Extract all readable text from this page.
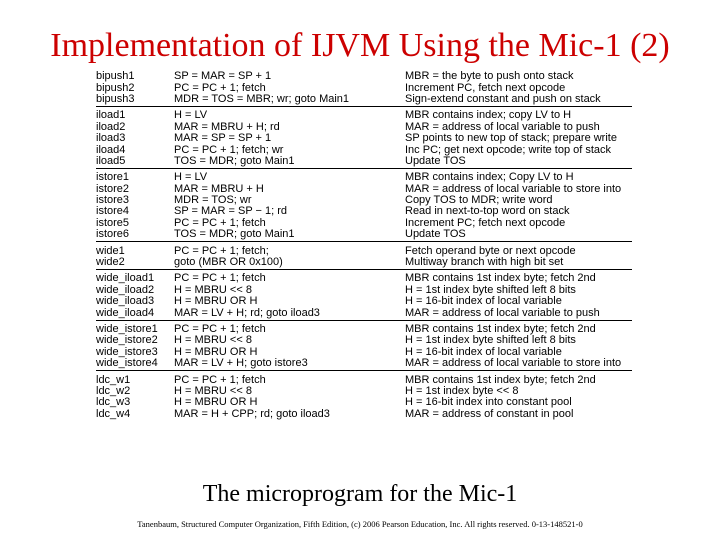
Implementation of IJVM Using the Mic-1 (2)
bipush1	SP = MAR = SP + 1	MBR = the byte to push onto stack
bipush2	PC = PC + 1; fetch	Increment PC, fetch next opcode
bipush3	MDR = TOS = MBR; wr; goto Main1	Sign-extend constant and push on stack
iload1	H = LV	MBR contains index; copy LV to H
iload2	MAR = MBRU + H; rd	MAR = address of local variable to push
iload3	MAR = SP = SP + 1	SP points to new top of stack; prepare write
iload4	PC = PC + 1; fetch; wr	Inc PC; get next opcode; write top of stack
iload5	TOS = MDR; goto Main1	Update TOS
istore1	H = LV	MBR contains index; Copy LV to H
istore2	MAR = MBRU + H	MAR = address of local variable to store into
istore3	MDR = TOS; wr	Copy TOS to MDR; write word
istore4	SP = MAR = SP − 1; rd	Read in next-to-top word on stack
istore5	PC = PC + 1; fetch	Increment PC; fetch next opcode
istore6	TOS = MDR; goto Main1	Update TOS
wide1	PC = PC + 1; fetch;	Fetch operand byte or next opcode
wide2	goto (MBR OR 0x100)	Multiway branch with high bit set
wide_iload1	PC = PC + 1; fetch	MBR contains 1st index byte; fetch 2nd
wide_iload2	H = MBRU << 8	H = 1st index byte shifted left 8 bits
wide_iload3	H = MBRU OR H	H = 16-bit index of local variable
wide_iload4	MAR = LV + H; rd; goto iload3	MAR = address of local variable to push
wide_istore1	PC = PC + 1; fetch	MBR contains 1st index byte; fetch 2nd
wide_istore2	H = MBRU << 8	H = 1st index byte shifted left 8 bits
wide_istore3	H = MBRU OR H	H = 16-bit index of local variable
wide_istore4	MAR = LV + H; goto istore3	MAR = address of local variable to store into
ldc_w1	PC = PC + 1; fetch	MBR contains 1st index byte; fetch 2nd
ldc_w2	H = MBRU << 8	H = 1st index byte << 8
ldc_w3	H = MBRU OR H	H = 16-bit index into constant pool
ldc_w4	MAR = H + CPP; rd; goto iload3	MAR = address of constant in pool
The microprogram for the Mic-1
Tanenbaum, Structured Computer Organization, Fifth Edition, (c) 2006 Pearson Education, Inc. All rights reserved. 0-13-148521-0
